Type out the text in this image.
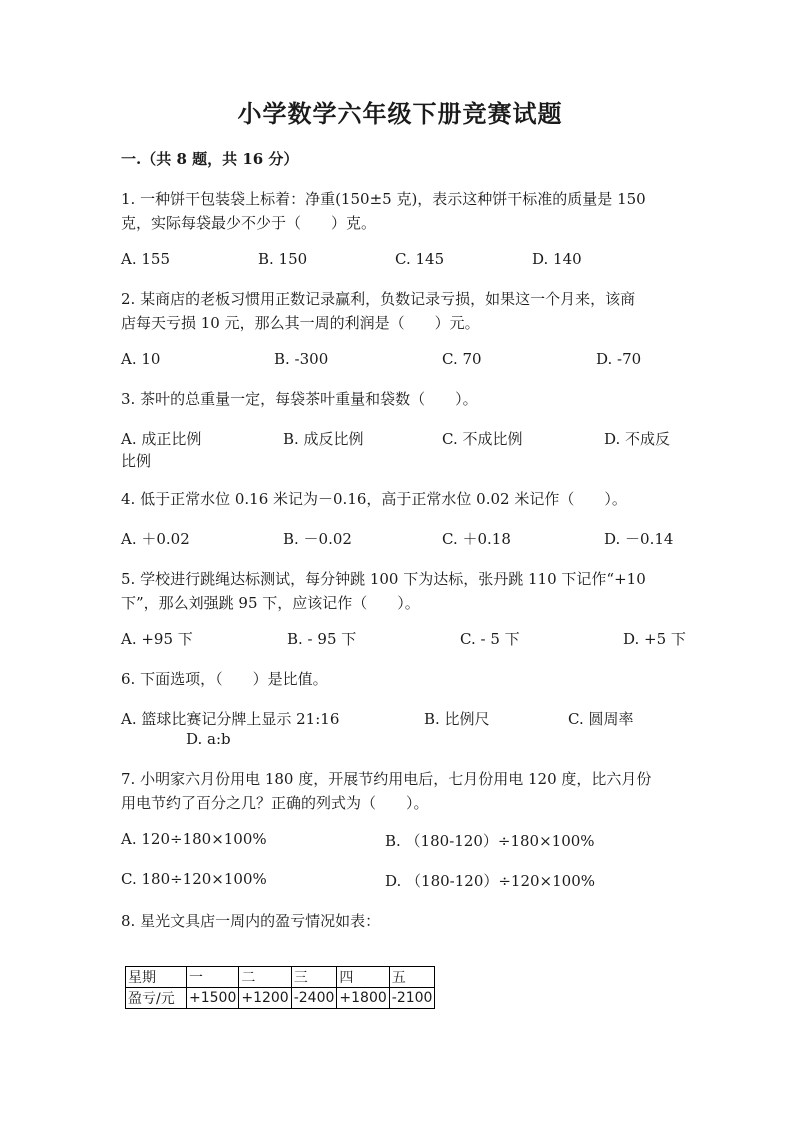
小学数学六年级下册竞赛试题
一.（共 8 题，共 16 分）
1. 一种饼干包装袋上标着：净重(150±5 克)，表示这种饼干标准的质量是 150
克，实际每袋最少不少于（　　）克。
A. 155	B. 150	C. 145	D. 140
2. 某商店的老板习惯用正数记录赢利，负数记录亏损，如果这一个月来，该商
店每天亏损 10 元，那么其一周的利润是（　　）元。
A. 10	B. -300	C. 70	D. -70
3. 茶叶的总重量一定，每袋茶叶重量和袋数（　　）。
A. 成正比例	B. 成反比例	C. 不成比例	D. 不成反
比例
4. 低于正常水位 0.16 米记为－0.16，高于正常水位 0.02 米记作（　　）。
A. ＋0.02	B. －0.02	C. ＋0.18	D. －0.14
5. 学校进行跳绳达标测试，每分钟跳 100 下为达标，张丹跳 110 下记作“+10
下”，那么刘强跳 95 下，应该记作（　　）。
A. +95 下	B. - 95 下	C. - 5 下	D. +5 下
6. 下面选项，（　　）是比值。
A. 篮球比赛记分牌上显示 21:16	B. 比例尺	C. 圆周率
D. a:b
7. 小明家六月份用电 180 度，开展节约用电后，七月份用电 120 度，比六月份
用电节约了百分之几？正确的列式为（　　）。
A. 120÷180×100%	B. （180-120）÷180×100%
C. 180÷120×100%	D. （180-120）÷120×100%
8. 星光文具店一周内的盈亏情况如表：
星期	一	二	三	四	五
盈亏/元	+1500	+1200	-2400	+1800	-2100
